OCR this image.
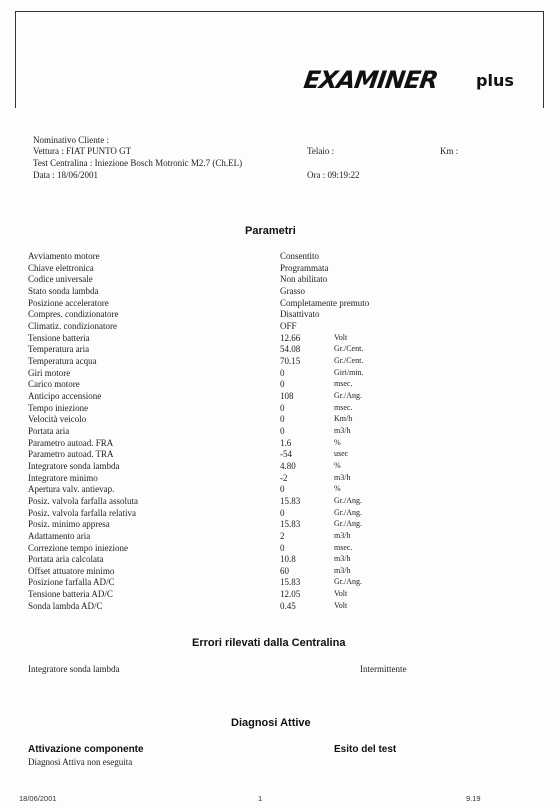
EXAMINER plus
Nominativo Cliente :
Vettura : FIAT PUNTO GT	Telaio :	Km :
Test Centralina : Iniezione Bosch Motronic M2.7 (Ch.EL)
Data : 18/06/2001	Ora : 09:19:22
Parametri
Avviamento motore	Consentito
Chiave elettronica	Programmata
Codice universale	Non abilitato
Stato sonda lambda	Grasso
Posizione acceleratore	Completamente premuto
Compres. condizionatore	Disattivato
Climatiz. condizionatore	OFF
Tensione batteria	12.66	Volt
Temperatura aria	54.08	Gr./Cent.
Temperatura acqua	70.15	Gr./Cent.
Giri motore	0	Giri/min.
Carico motore	0	msec.
Anticipo accensione	108	Gr./Ang.
Tempo iniezione	0	msec.
Velocità veicolo	0	Km/h
Portata aria	0	m3/h
Parametro autoad. FRA	1.6	%
Parametro autoad. TRA	-54	usec
Integratore sonda lambda	4.80	%
Integratore minimo	-2	m3/h
Apertura valv. antievap.	0	%
Posiz. valvola farfalla assoluta	15.83	Gr./Ang.
Posiz. valvola farfalla relativa	0	Gr./Ang.
Posiz. minimo appresa	15.83	Gr./Ang.
Adattamento aria	2	m3/h
Correzione tempo iniezione	0	msec.
Portata aria calcolata	10.8	m3/h
Offset attuatore minimo	60	m3/h
Posizione farfalla AD/C	15.83	Gr./Ang.
Tensione batteria AD/C	12.05	Volt
Sonda lambda AD/C	0.45	Volt
Errori rilevati dalla Centralina
Integratore sonda lambda	Intermittente
Diagnosi Attive
Attivazione componente	Esito del test
Diagnosi Attiva non eseguita
18/06/2001	1	9.19
